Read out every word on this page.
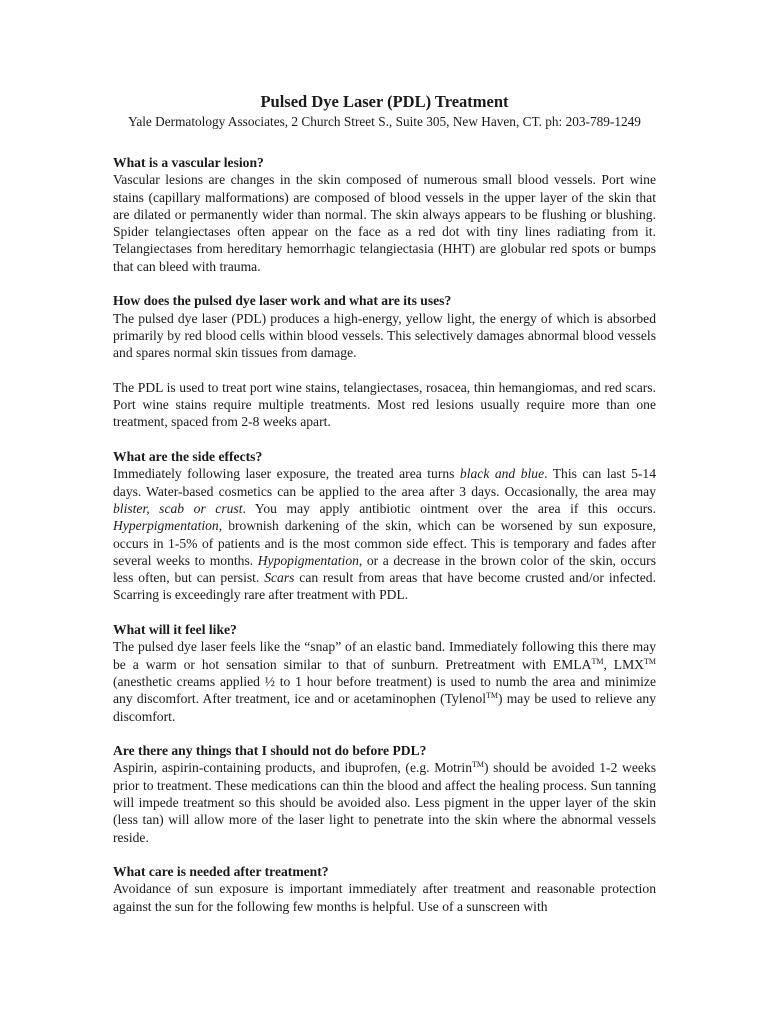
Pulsed Dye Laser (PDL) Treatment

Yale Dermatology Associates, 2 Church Street S., Suite 305, New Haven, CT. ph: 203-789-1249

What is a vascular lesion?

Vascular lesions are changes in the skin composed of numerous small blood vessels. Port wine stains (capillary malformations) are composed of blood vessels in the upper layer of the skin that are dilated or permanently wider than normal. The skin always appears to be flushing or blushing. Spider telangiectases often appear on the face as a red dot with tiny lines radiating from it. Telangiectases from hereditary hemorrhagic telangiectasia (HHT) are globular red spots or bumps that can bleed with trauma.

How does the pulsed dye laser work and what are its uses?

The pulsed dye laser (PDL) produces a high-energy, yellow light, the energy of which is absorbed primarily by red blood cells within blood vessels. This selectively damages abnormal blood vessels and spares normal skin tissues from damage.

The PDL is used to treat port wine stains, telangiectases, rosacea, thin hemangiomas, and red scars. Port wine stains require multiple treatments. Most red lesions usually require more than one treatment, spaced from 2-8 weeks apart.

What are the side effects?

Immediately following laser exposure, the treated area turns black and blue. This can last 5-14 days. Water-based cosmetics can be applied to the area after 3 days. Occasionally, the area may blister, scab or crust. You may apply antibiotic ointment over the area if this occurs. Hyperpigmentation, brownish darkening of the skin, which can be worsened by sun exposure, occurs in 1-5% of patients and is the most common side effect. This is temporary and fades after several weeks to months. Hypopigmentation, or a decrease in the brown color of the skin, occurs less often, but can persist. Scars can result from areas that have become crusted and/or infected. Scarring is exceedingly rare after treatment with PDL.

What will it feel like?

The pulsed dye laser feels like the “snap” of an elastic band. Immediately following this there may be a warm or hot sensation similar to that of sunburn. Pretreatment with EMLA™, LMX™ (anesthetic creams applied ½ to 1 hour before treatment) is used to numb the area and minimize any discomfort. After treatment, ice and or acetaminophen (Tylenol™) may be used to relieve any discomfort.

Are there any things that I should not do before PDL?

Aspirin, aspirin-containing products, and ibuprofen, (e.g. Motrin™) should be avoided 1-2 weeks prior to treatment. These medications can thin the blood and affect the healing process. Sun tanning will impede treatment so this should be avoided also. Less pigment in the upper layer of the skin (less tan) will allow more of the laser light to penetrate into the skin where the abnormal vessels reside.

What care is needed after treatment?

Avoidance of sun exposure is important immediately after treatment and reasonable protection against the sun for the following few months is helpful. Use of a sunscreen with
